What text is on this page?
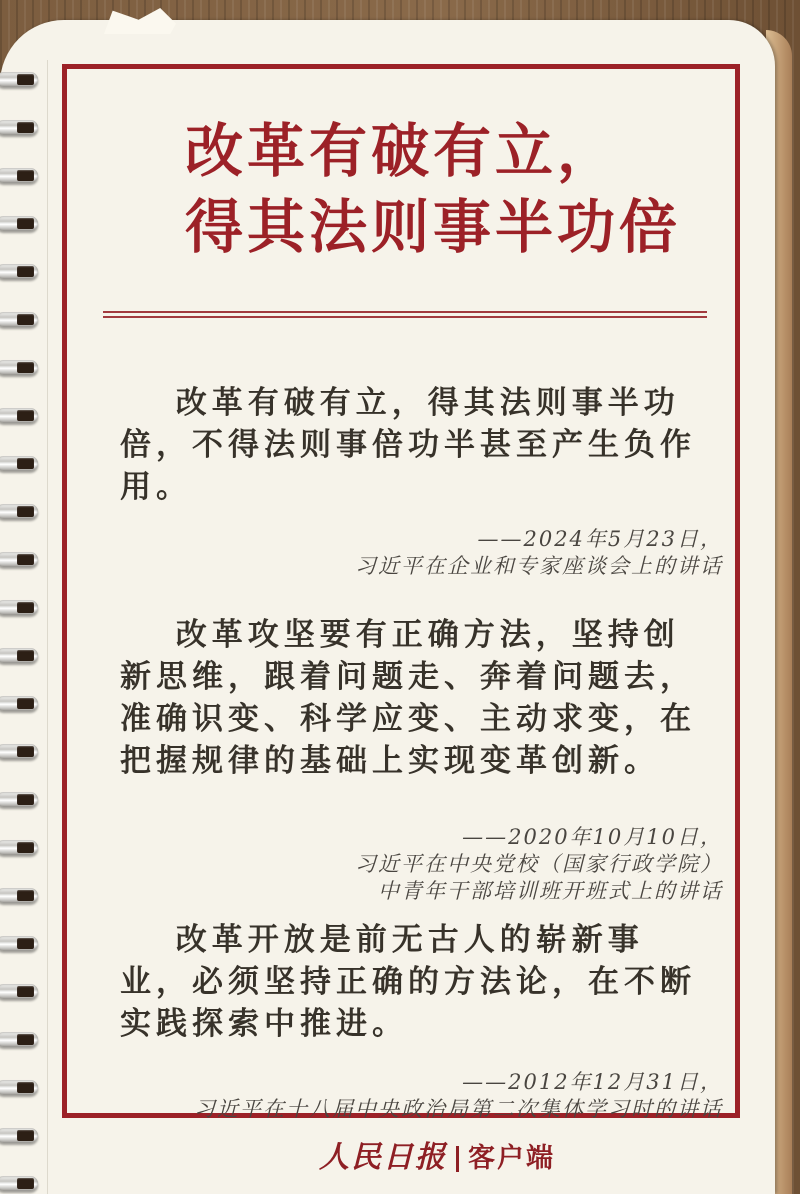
改革有破有立，
得其法则事半功倍

改革有破有立，得其法则事半功倍，不得法则事倍功半甚至产生负作用。

——2024年5月23日，
习近平在企业和专家座谈会上的讲话

改革攻坚要有正确方法，坚持创新思维，跟着问题走、奔着问题去，准确识变、科学应变、主动求变，在把握规律的基础上实现变革创新。

——2020年10月10日，
习近平在中央党校（国家行政学院）
中青年干部培训班开班式上的讲话

改革开放是前无古人的崭新事业，必须坚持正确的方法论，在不断实践探索中推进。

——2012年12月31日，
习近平在十八届中央政治局第二次集体学习时的讲话
人民日报 客户端
